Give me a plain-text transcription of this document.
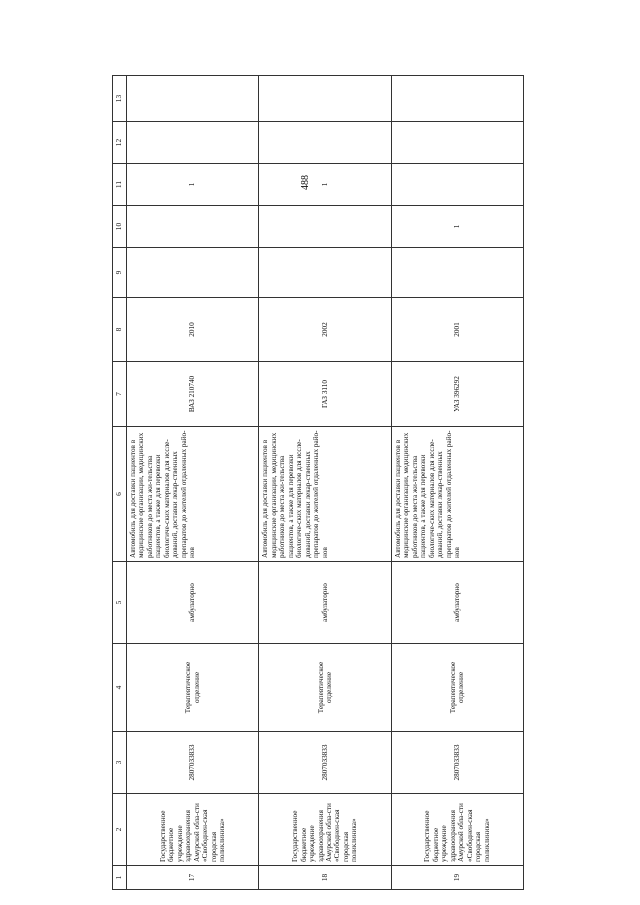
488
1	2	3	4	5	6	7	8	9	10	11	12	13
17	Государственное бюджетное учреждение здравоохранения Амурской обла-сти «Свободнен-ская городская поликлиника»	2807033833	Терапевтическое отделение	амбулаторно	Автомобиль для доставки пациентов в медицинские организации, медицинских работников до места жи-тельства пациентов, а также для перевозки биологиче-ских материалов для иссле-дований, доставки лекар-ственных препаратов до жителей отдаленных райо-нов	ВАЗ 210740	2010			1		
18	Государственное бюджетное учреждение здравоохранения Амурской обла-сти «Свободнен-ская городская поликлиника»	2807033833	Терапевтическое отделение	амбулаторно	Автомобиль для доставки пациентов в медицинские организации, медицинских работников до места жи-тельства пациентов, а также для перевозки биологиче-ских материалов для иссле-дований, доставки лекар-ственных препаратов до жителей отдаленных райо-нов	ГАЗ 3110	2002			1		
19	Государственное бюджетное учреждение здравоохранения Амурской обла-сти «Свободнен-ская городская поликлиника»	2807033833	Терапевтическое отделение	амбулаторно	Автомобиль для доставки пациентов в медицинские организации, медицинских работников до места жи-тельства пациентов, а также для перевозки биологиче-ских материалов для иссле-дований, доставки лекар-ственных препаратов до жителей отдаленных райо-нов	УАЗ 396292	2001		1			
